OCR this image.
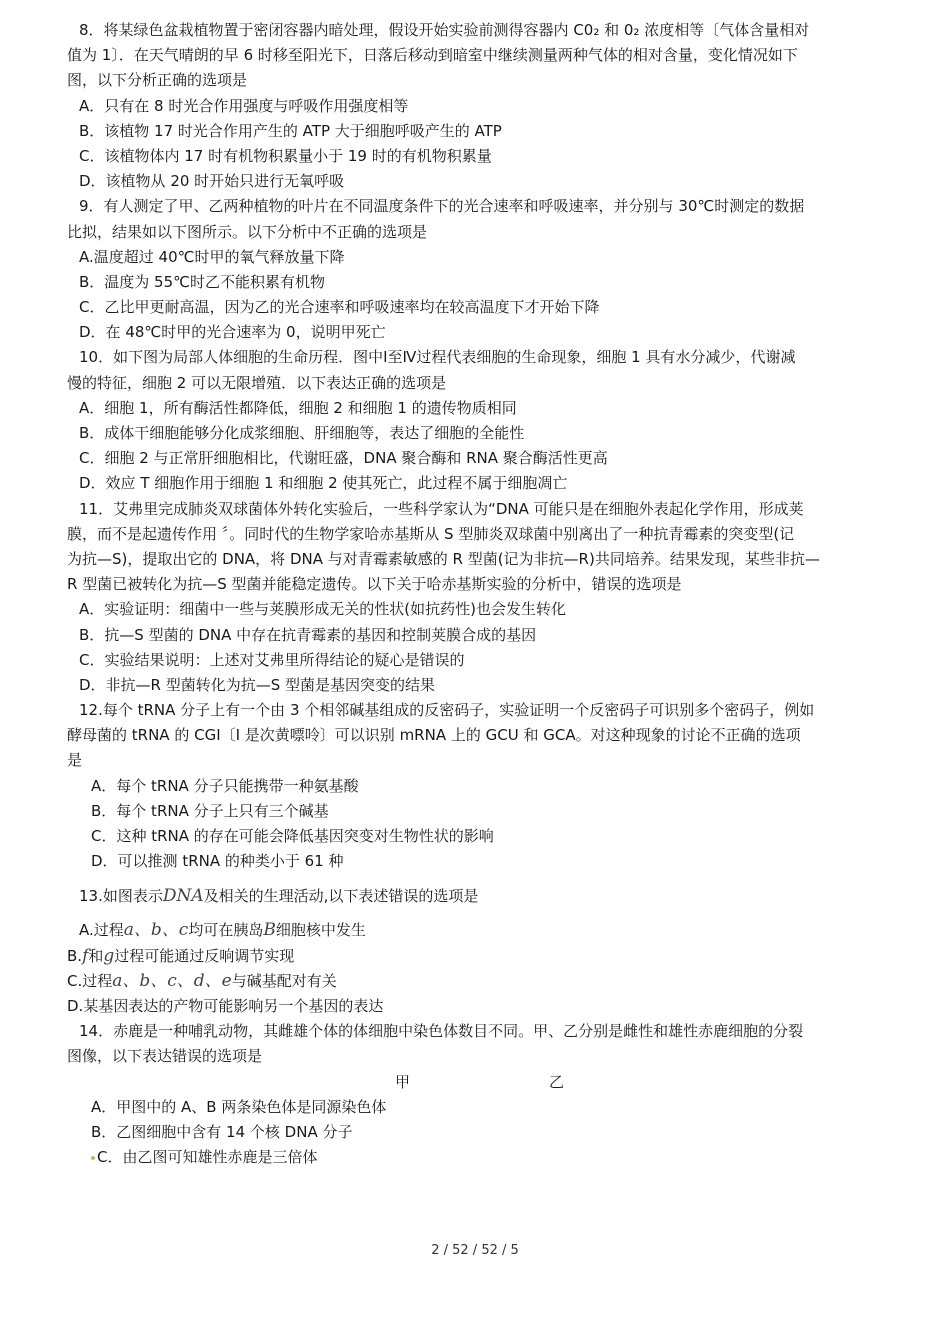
8．将某绿色盆栽植物置于密闭容器内暗处理，假设开始实验前测得容器内 C0₂ 和 0₂ 浓度相等〔气体含量相对
值为 1〕．在天气晴朗的早 6 时移至阳光下，日落后移动到暗室中继续测量两种气体的相对含量，变化情况如下
图，以下分析正确的选项是
A．只有在 8 时光合作用强度与呼吸作用强度相等
B．该植物 17 时光合作用产生的 ATP 大于细胞呼吸产生的 ATP
C．该植物体内 17 时有机物积累量小于 19 时的有机物积累量
D．该植物从 20 时开始只进行无氧呼吸
9．有人测定了甲、乙两种植物的叶片在不同温度条件下的光合速率和呼吸速率，并分别与 30℃时测定的数据
比拟，结果如以下图所示。以下分析中不正确的选项是
A.温度超过 40℃时甲的氧气释放量下降
B．温度为 55℃时乙不能积累有机物
C．乙比甲更耐高温，因为乙的光合速率和呼吸速率均在较高温度下才开始下降
D．在 48℃时甲的光合速率为 0，说明甲死亡
10．如下图为局部人体细胞的生命历程．图中Ⅰ至Ⅳ过程代表细胞的生命现象，细胞 1 具有水分减少，代谢减
慢的特征，细胞 2 可以无限增殖．以下表达正确的选项是
A．细胞 1，所有酶活性都降低，细胞 2 和细胞 1 的遗传物质相同
B．成体干细胞能够分化成浆细胞、肝细胞等，表达了细胞的全能性
C．细胞 2 与正常肝细胞相比，代谢旺盛，DNA 聚合酶和 RNA 聚合酶活性更高
D．效应 T 细胞作用于细胞 1 和细胞 2 使其死亡，此过程不属于细胞凋亡
11．艾弗里完成肺炎双球菌体外转化实验后，一些科学家认为“DNA 可能只是在细胞外表起化学作用，形成荚
膜，而不是起遗传作用 〞。同时代的生物学家哈赤基斯从 S 型肺炎双球菌中别离出了一种抗青霉素的突变型(记
为抗—S)，提取出它的 DNA，将 DNA 与对青霉素敏感的 R 型菌(记为非抗—R)共同培养。结果发现，某些非抗—
R 型菌已被转化为抗—S 型菌并能稳定遗传。以下关于哈赤基斯实验的分析中，错误的选项是
A．实验证明：细菌中一些与荚膜形成无关的性状(如抗药性)也会发生转化
B．抗—S 型菌的 DNA 中存在抗青霉素的基因和控制荚膜合成的基因
C．实验结果说明：上述对艾弗里所得结论的疑心是错误的
D．非抗—R 型菌转化为抗—S 型菌是基因突变的结果
12.每个 tRNA 分子上有一个由 3 个相邻碱基组成的反密码子，实验证明一个反密码子可识别多个密码子，例如
酵母菌的 tRNA 的 CGI〔I 是次黄嘌呤〕可以识别 mRNA 上的 GCU 和 GCA。对这种现象的讨论不正确的选项
是
A．每个 tRNA 分子只能携带一种氨基酸
B．每个 tRNA 分子上只有三个碱基
C．这种 tRNA 的存在可能会降低基因突变对生物性状的影响
D．可以推测 tRNA 的种类小于 61 种
13.如图表示DNA及相关的生理活动,以下表述错误的选项是
A.过程a、b、c均可在胰岛B细胞核中发生
B.f和g过程可能通过反响调节实现
C.过程a、b、c、d、e与碱基配对有关
D.某基因表达的产物可能影响另一个基因的表达
14．赤鹿是一种哺乳动物，其雌雄个体的体细胞中染色体数目不同。甲、乙分别是雌性和雄性赤鹿细胞的分裂
图像，以下表达错误的选项是
甲	乙
A．甲图中的 A、B 两条染色体是同源染色体
B．乙图细胞中含有 14 个核 DNA 分子
C．由乙图可知雄性赤鹿是三倍体
2 / 52 / 52 / 5
